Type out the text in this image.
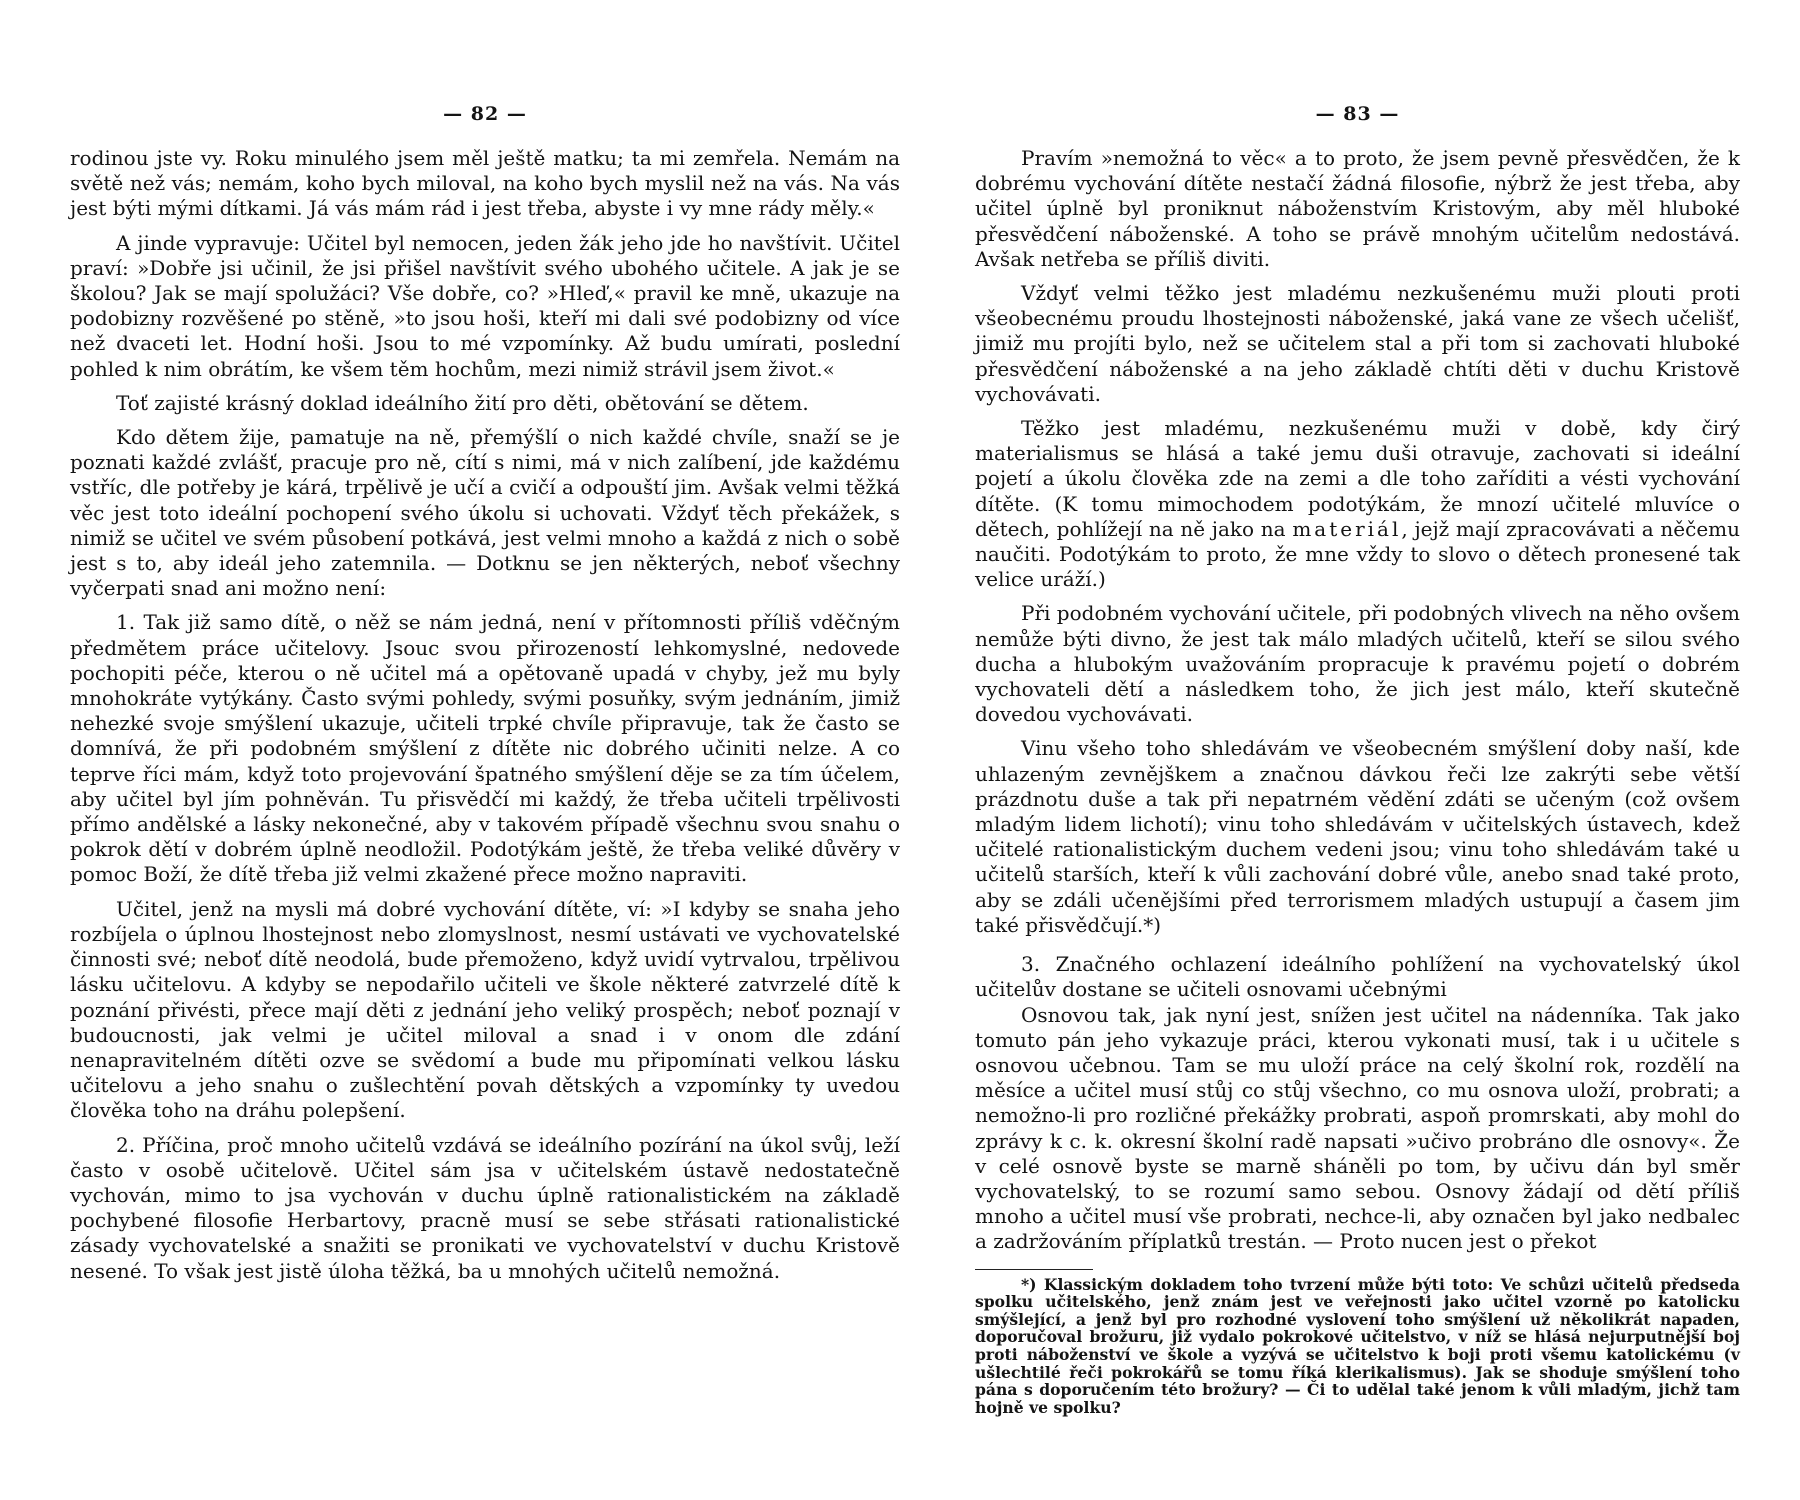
— 82 —

rodinou jste vy. Roku minulého jsem měl ještě matku; ta mi zemřela. Nemám na světě než vás; nemám, koho bych miloval, na koho bych myslil než na vás. Na vás jest býti mými dítkami. Já vás mám rád i jest třeba, abyste i vy mne rády měly.«

A jinde vypravuje: Učitel byl nemocen, jeden žák jeho jde ho navštívit. Učitel praví: »Dobře jsi učinil, že jsi přišel navštívit svého ubohého učitele. A jak je se školou? Jak se mají spolužáci? Vše dobře, co? »Hleď,« pravil ke mně, ukazuje na podobizny rozvěšené po stěně, »to jsou hoši, kteří mi dali své podobizny od více než dvaceti let. Hodní hoši. Jsou to mé vzpomínky. Až budu umírati, poslední pohled k nim obrátím, ke všem těm hochům, mezi nimiž strávil jsem život.«

Toť zajisté krásný doklad ideálního žití pro děti, obětování se dětem.

Kdo dětem žije, pamatuje na ně, přemýšlí o nich každé chvíle, snaží se je poznati každé zvlášť, pracuje pro ně, cítí s nimi, má v nich zalíbení, jde každému vstříc, dle potřeby je kárá, trpělivě je učí a cvičí a odpouští jim. Avšak velmi těžká věc jest toto ideální pochopení svého úkolu si uchovati. Vždyť těch překážek, s nimiž se učitel ve svém působení potkává, jest velmi mnoho a každá z nich o sobě jest s to, aby ideál jeho zatemnila. — Dotknu se jen některých, neboť všechny vyčerpati snad ani možno není:

1. Tak již samo dítě, o něž se nám jedná, není v přítomnosti příliš vděčným předmětem práce učitelovy. Jsouc svou přirozeností lehkomyslné, nedovede pochopiti péče, kterou o ně učitel má a opětovaně upadá v chyby, jež mu byly mnohokráte vytýkány. Často svými pohledy, svými posuňky, svým jednáním, jimiž nehezké svoje smýšlení ukazuje, učiteli trpké chvíle připravuje, tak že často se domnívá, že při podobném smýšlení z dítěte nic dobrého učiniti nelze. A co teprve říci mám, když toto projevování špatného smýšlení děje se za tím účelem, aby učitel byl jím pohněván. Tu přisvědčí mi každý, že třeba učiteli trpělivosti přímo andělské a lásky nekonečné, aby v takovém případě všechnu svou snahu o pokrok dětí v dobrém úplně neodložil. Podotýkám ještě, že třeba veliké důvěry v pomoc Boží, že dítě třeba již velmi zkažené přece možno napraviti.

Učitel, jenž na mysli má dobré vychování dítěte, ví: »I kdyby se snaha jeho rozbíjela o úplnou lhostejnost nebo zlomyslnost, nesmí ustávati ve vychovatelské činnosti své; neboť dítě neodolá, bude přemoženo, když uvidí vytrvalou, trpělivou lásku učitelovu. A kdyby se nepodařilo učiteli ve škole některé zatvrzelé dítě k poznání přivésti, přece mají děti z jednání jeho veliký prospěch; neboť poznají v budoucnosti, jak velmi je učitel miloval a snad i v onom dle zdání nenapravitelném dítěti ozve se svědomí a bude mu připomínati velkou lásku učitelovu a jeho snahu o zušlechtění povah dětských a vzpomínky ty uvedou člověka toho na dráhu polepšení.

2. Příčina, proč mnoho učitelů vzdává se ideálního pozírání na úkol svůj, leží často v osobě učitelově. Učitel sám jsa v učitelském ústavě nedostatečně vychován, mimo to jsa vychován v duchu úplně rationalistickém na základě pochybené filosofie Herbartovy, pracně musí se sebe střásati rationalistické zásady vychovatelské a snažiti se pronikati ve vychovatelství v duchu Kristově nesené. To však jest jistě úloha těžká, ba u mnohých učitelů nemožná.

— 83 —

Pravím »nemožná to věc« a to proto, že jsem pevně přesvědčen, že k dobrému vychování dítěte nestačí žádná filosofie, nýbrž že jest třeba, aby učitel úplně byl proniknut náboženstvím Kristovým, aby měl hluboké přesvědčení náboženské. A toho se právě mnohým učitelům nedostává. Avšak netřeba se příliš diviti.

Vždyť velmi těžko jest mladému nezkušenému muži plouti proti všeobecnému proudu lhostejnosti náboženské, jaká vane ze všech učelišť, jimiž mu projíti bylo, než se učitelem stal a při tom si zachovati hluboké přesvědčení náboženské a na jeho základě chtíti děti v duchu Kristově vychovávati.

Těžko jest mladému, nezkušenému muži v době, kdy čirý materialismus se hlásá a také jemu duši otravuje, zachovati si ideální pojetí a úkolu člověka zde na zemi a dle toho zaříditi a vésti vychování dítěte. (K tomu mimochodem podotýkám, že mnozí učitelé mluvíce o dětech, pohlížejí na ně jako na materiál, jejž mají zpracovávati a něčemu naučiti. Podotýkám to proto, že mne vždy to slovo o dětech pronesené tak velice uráží.)

Při podobném vychování učitele, při podobných vlivech na něho ovšem nemůže býti divno, že jest tak málo mladých učitelů, kteří se silou svého ducha a hlubokým uvažováním propracuje k pravému pojetí o dobrém vychovateli dětí a následkem toho, že jich jest málo, kteří skutečně dovedou vychovávati.

Vinu všeho toho shledávám ve všeobecném smýšlení doby naší, kde uhlazeným zevnějškem a značnou dávkou řeči lze zakrýti sebe větší prázdnotu duše a tak při nepatrném vědění zdáti se učeným (což ovšem mladým lidem lichotí); vinu toho shledávám v učitelských ústavech, kdež učitelé rationalistickým duchem vedeni jsou; vinu toho shledávám také u učitelů starších, kteří k vůli zachování dobré vůle, anebo snad také proto, aby se zdáli učenějšími před terrorismem mladých ustupují a časem jim také přisvědčují.*)

3. Značného ochlazení ideálního pohlížení na vychovatelský úkol učitelův dostane se učiteli osnovami učebnými

Osnovou tak, jak nyní jest, snížen jest učitel na nádenníka. Tak jako tomuto pán jeho vykazuje práci, kterou vykonati musí, tak i u učitele s osnovou učebnou. Tam se mu uloží práce na celý školní rok, rozdělí na měsíce a učitel musí stůj co stůj všechno, co mu osnova uloží, probrati; a nemožno-li pro rozličné překážky probrati, aspoň promrskati, aby mohl do zprávy k c. k. okresní školní radě napsati »učivo probráno dle osnovy«. Že v celé osnově byste se marně sháněli po tom, by učivu dán byl směr vychovatelský, to se rozumí samo sebou. Osnovy žádají od dětí příliš mnoho a učitel musí vše probrati, nechce-li, aby označen byl jako nedbalec a zadržováním příplatků trestán. — Proto nucen jest o překot

*) Klassickým dokladem toho tvrzení může býti toto: Ve schůzi učitelů předseda spolku učitelského, jenž znám jest ve veřejnosti jako učitel vzorně po katolicku smýšlející, a jenž byl pro rozhodné vyslovení toho smýšlení už několikrát napaden, doporučoval brožuru, již vydalo pokrokové učitelstvo, v níž se hlásá nejurputnější boj proti náboženství ve škole a vyzývá se učitelstvo k boji proti všemu katolickému (v ušlechtilé řeči pokrokářů se tomu říká klerikalismus). Jak se shoduje smýšlení toho pána s doporučením této brožury? — Či to udělal také jenom k vůli mladým, jichž tam hojně ve spolku?
